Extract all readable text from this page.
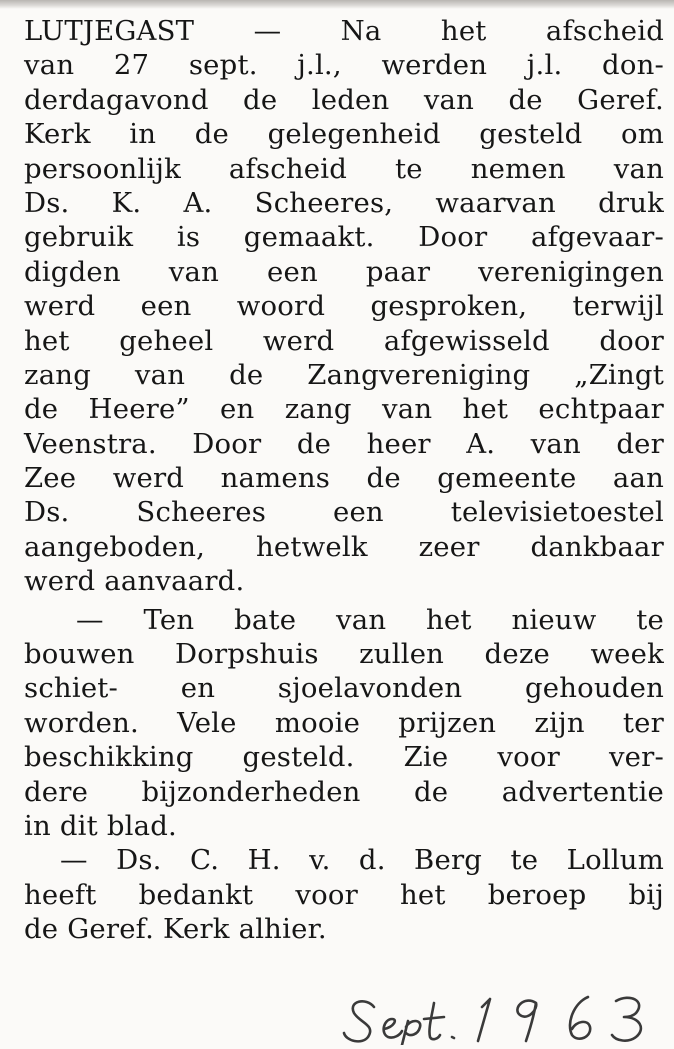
LUTJEGAST — Na het afscheid
van 27 sept. j.l., werden j.l. don-
derdagavond de leden van de Geref.
Kerk in de gelegenheid gesteld om
persoonlijk afscheid te nemen van
Ds. K. A. Scheeres, waarvan druk
gebruik is gemaakt. Door afgevaar-
digden van een paar verenigingen
werd een woord gesproken, terwijl
het geheel werd afgewisseld door
zang van de Zangvereniging „Zingt
de Heere” en zang van het echtpaar
Veenstra. Door de heer A. van der
Zee werd namens de gemeente aan
Ds. Scheeres een televisietoestel
aangeboden, hetwelk zeer dankbaar
werd aanvaard.
— Ten bate van het nieuw te
bouwen Dorpshuis zullen deze week
schiet- en sjoelavonden gehouden
worden. Vele mooie prijzen zijn ter
beschikking gesteld. Zie voor ver-
dere bijzonderheden de advertentie
in dit blad.
— Ds. C. H. v. d. Berg te Lollum
heeft bedankt voor het beroep bij
de Geref. Kerk alhier.
